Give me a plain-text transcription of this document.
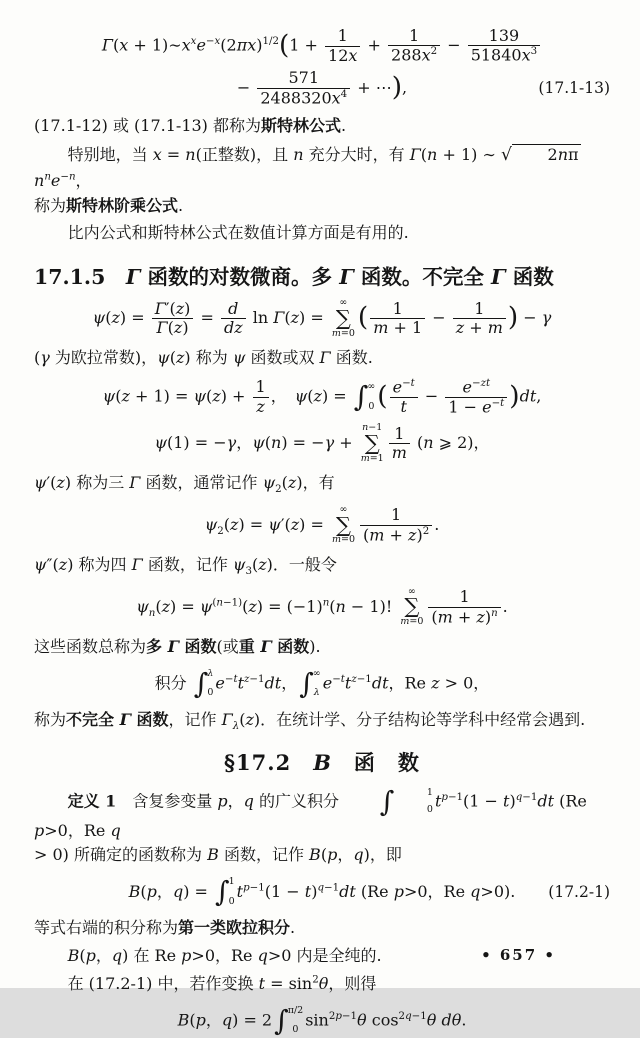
$\Gamma(x + 1)\sim x^xe^{-x}(2\pi x)^{1/2}(1 + \frac{1}{12x} + \frac{1}{288x^2} - \frac{139}{51840x^3}$
− $\frac{571}{2488320x^4}$ + ⋯),	(17.1-13)
(17.1-12) 或 (17.1-13) 都称为斯特林公式.
特别地，当 x = n(正整数)，且 n 充分大时，有 Γ(n + 1) ∼ √ 2nπ $n^ne^{-n}$，
称为斯特林阶乘公式.
比内公式和斯特林公式在数值计算方面是有用的.
17.1.5　Γ 函数的对数微商。多 Γ 函数。不完全 Γ 函数
$\psi(z) = \frac{\Gamma'(z)}{\Gamma(z)} = \frac{d}{dz}$ ln Γ(z) =
∞
∑
m=0
( $\frac{1}{m + 1} - \frac{1}{z + m}$ ) − γ
(γ 为欧拉常数)，ψ(z) 称为 ψ 函数或双 Γ 函数.
$\psi(z + 1) = \psi(z) + \frac{1}{z}$ ，　ψ(z) = ∫ ∞
0 ( $\frac{e^{-t}}{t} - \frac{e^{-zt}}{1 - e^{-t}} )dt$,
ψ(1) = −γ，ψ(n) = −γ +
n−1
∑
$m=1 \frac{1}{m} (n$ ⩾ 2)，
ψ′(z) 称为三 Γ 函数，通常记作 $\psi_2(z)$，有
$\psi_2(z) = \psi'(z)$ =
∞
∑
$m=0 \frac{1}{(m + z)^2}$ .
ψ″(z) 称为四 Γ 函数，记作 $\psi_3(z)$．一般令
$\psi_n(z) = \psi^{(n-1)}(z) = (-1)^n(n - 1)$!
∞
∑
$m=0 \frac{1}{(m + z)^n}$ .
这些函数总称为多 Γ 函数(或重 Γ 函数).
积分 ∫ λ
0
$e^{-t}t^{z-1}dt$， ∫ ∞
λ
$e^{-t}t^{z-1}dt$，Re z > 0，
称为不完全 Γ 函数，记作 $\Gamma_\lambda(z)$．在统计学、分子结构论等学科中经常会遇到.
§17.2　B　函　数
定义 1　含复参变量 p，q 的广义积分	∫	1
0 $t^{p-1}(1 - t)^{q-1}dt$ (Re p>0，Re q
> 0) 所确定的函数称为 B 函数，记作 B(p，q)，即
B(p，q) = ∫ 1
0
$t^{p-1}(1 - t)^{q-1}dt$ (Re p>0，Re q>0). (17.2-1)
等式右端的积分称为第一类欧拉积分.
B(p，q) 在 Re p>0，Re q>0 内是全纯的.
在 (17.2-1) 中，若作变换 $t = \sin^2\theta$，则得
B(p，q) = 2 ∫ π/2
0
$\sin^{2p-1}\theta$ $\cos^{2q-1}\theta$ dθ.
• 657 •
